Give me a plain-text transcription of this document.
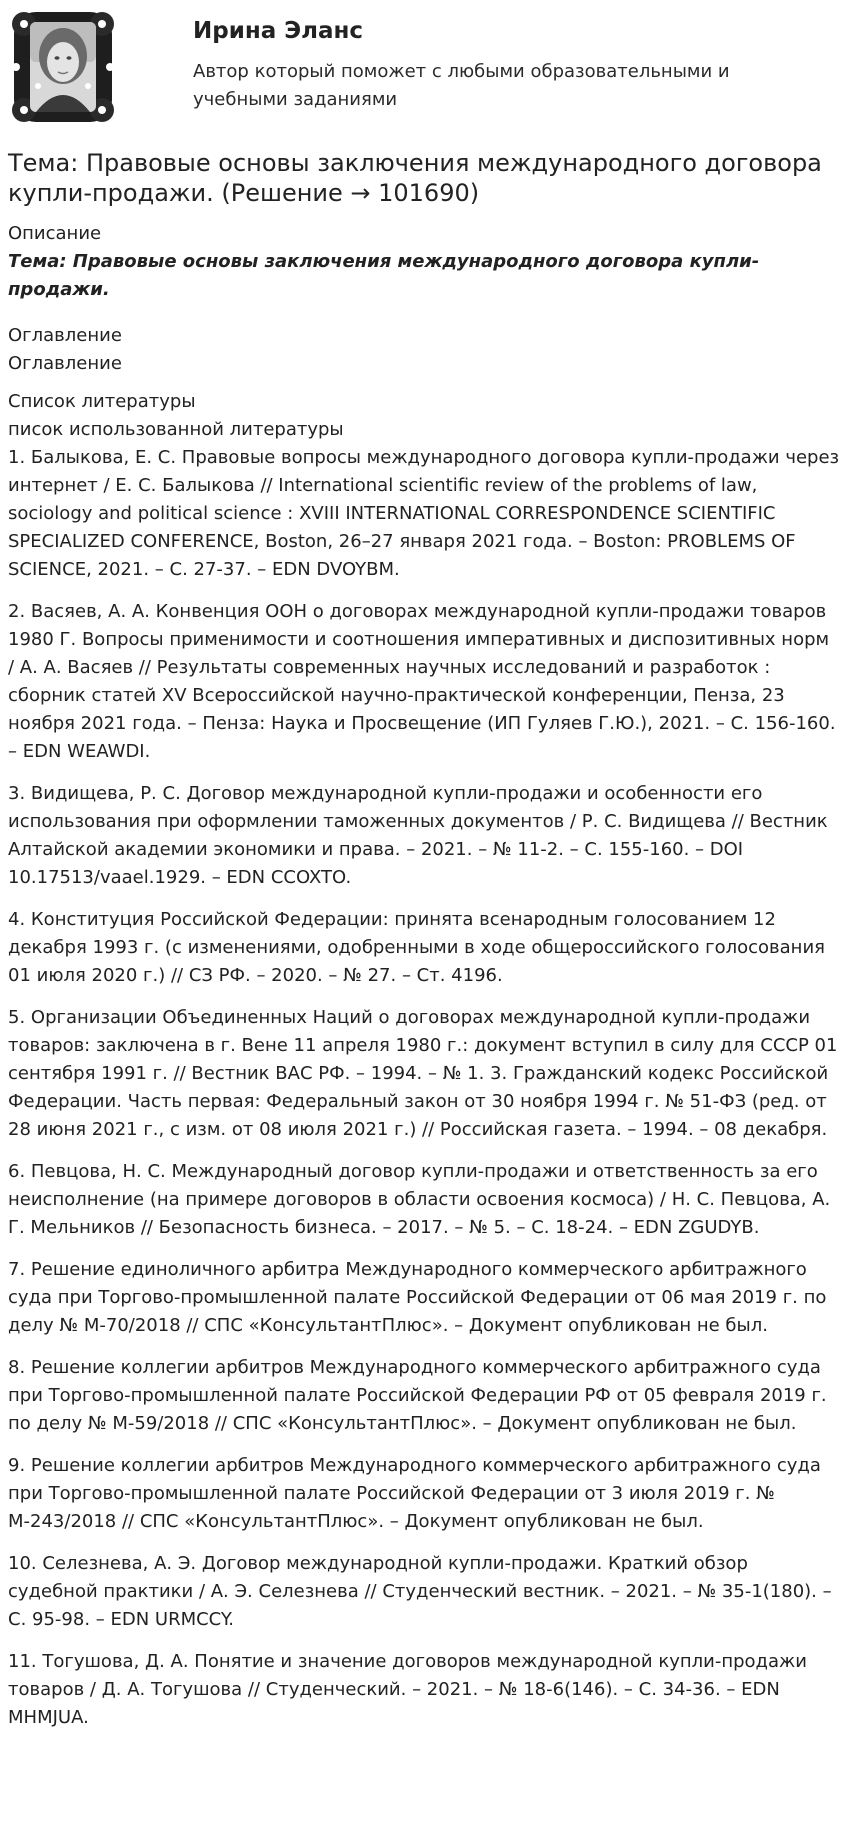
Ирина Эланс
Автор который поможет с любыми образовательными и учебными заданиями
Тема: Правовые основы заключения международного договора купли-продажи. (Решение → 101690)
Описание
Тема: Правовые основы заключения международного договора купли-продажи.
Оглавление
Оглавление
Список литературы
писок использованной литературы
1. Балыкова, Е. С. Правовые вопросы международного договора купли-продажи через интернет / Е. С. Балыкова // International scientific review of the problems of law, sociology and political science : XVIII INTERNATIONAL CORRESPONDENCE SCIENTIFIC SPECIALIZED CONFERENCE, Boston, 26–27 января 2021 года. – Boston: PROBLEMS OF SCIENCE, 2021. – С. 27-37. – EDN DVOYBM.
2. Васяев, А. А. Конвенция ООН о договорах международной купли-продажи товаров 1980 Г. Вопросы применимости и соотношения императивных и диспозитивных норм / А. А. Васяев // Результаты современных научных исследований и разработок : сборник статей XV Всероссийской научно-практической конференции, Пенза, 23 ноября 2021 года. – Пенза: Наука и Просвещение (ИП Гуляев Г.Ю.), 2021. – С. 156-160. – EDN WEAWDI.
3. Видищева, Р. С. Договор международной купли-продажи и особенности его использования при оформлении таможенных документов / Р. С. Видищева // Вестник Алтайской академии экономики и права. – 2021. – № 11-2. – С. 155-160. – DOI 10.17513/vaael.1929. – EDN CCOXTO.
4. Конституция Российской Федерации: принята всенародным голосованием 12 декабря 1993 г. (с изменениями, одобренными в ходе общероссийского голосования 01 июля 2020 г.) // СЗ РФ. – 2020. – № 27. – Ст. 4196.
5. Организации Объединенных Наций о договорах международной купли-продажи товаров: заключена в г. Вене 11 апреля 1980 г.: документ вступил в силу для СССР 01 сентября 1991 г. // Вестник ВАС РФ. – 1994. – № 1. 3. Гражданский кодекс Российской Федерации. Часть первая: Федеральный закон от 30 ноября 1994 г. № 51-ФЗ (ред. от 28 июня 2021 г., с изм. от 08 июля 2021 г.) // Российская газета. – 1994. – 08 декабря.
6. Певцова, Н. С. Международный договор купли-продажи и ответственность за его неисполнение (на примере договоров в области освоения космоса) / Н. С. Певцова, А. Г. Мельников // Безопасность бизнеса. – 2017. – № 5. – С. 18-24. – EDN ZGUDYB.
7. Решение единоличного арбитра Международного коммерческого арбитражного суда при Торгово-промышленной палате Российской Федерации от 06 мая 2019 г. по делу № М-70/2018 // СПС «КонсультантПлюс». – Документ опубликован не был.
8. Решение коллегии арбитров Международного коммерческого арбитражного суда при Торгово-промышленной палате Российской Федерации РФ от 05 февраля 2019 г. по делу № М-59/2018 // СПС «КонсультантПлюс». – Документ опубликован не был.
9. Решение коллегии арбитров Международного коммерческого арбитражного суда при Торгово-промышленной палате Российской Федерации от 3 июля 2019 г. № М-243/2018 // СПС «КонсультантПлюс». – Документ опубликован не был.
10. Селезнева, А. Э. Договор международной купли-продажи. Краткий обзор судебной практики / А. Э. Селезнева // Студенческий вестник. – 2021. – № 35-1(180). – С. 95-98. – EDN URMCCY.
11. Тогушова, Д. А. Понятие и значение договоров международной купли-продажи товаров / Д. А. Тогушова // Студенческий. – 2021. – № 18-6(146). – С. 34-36. – EDN MHMJUA.
